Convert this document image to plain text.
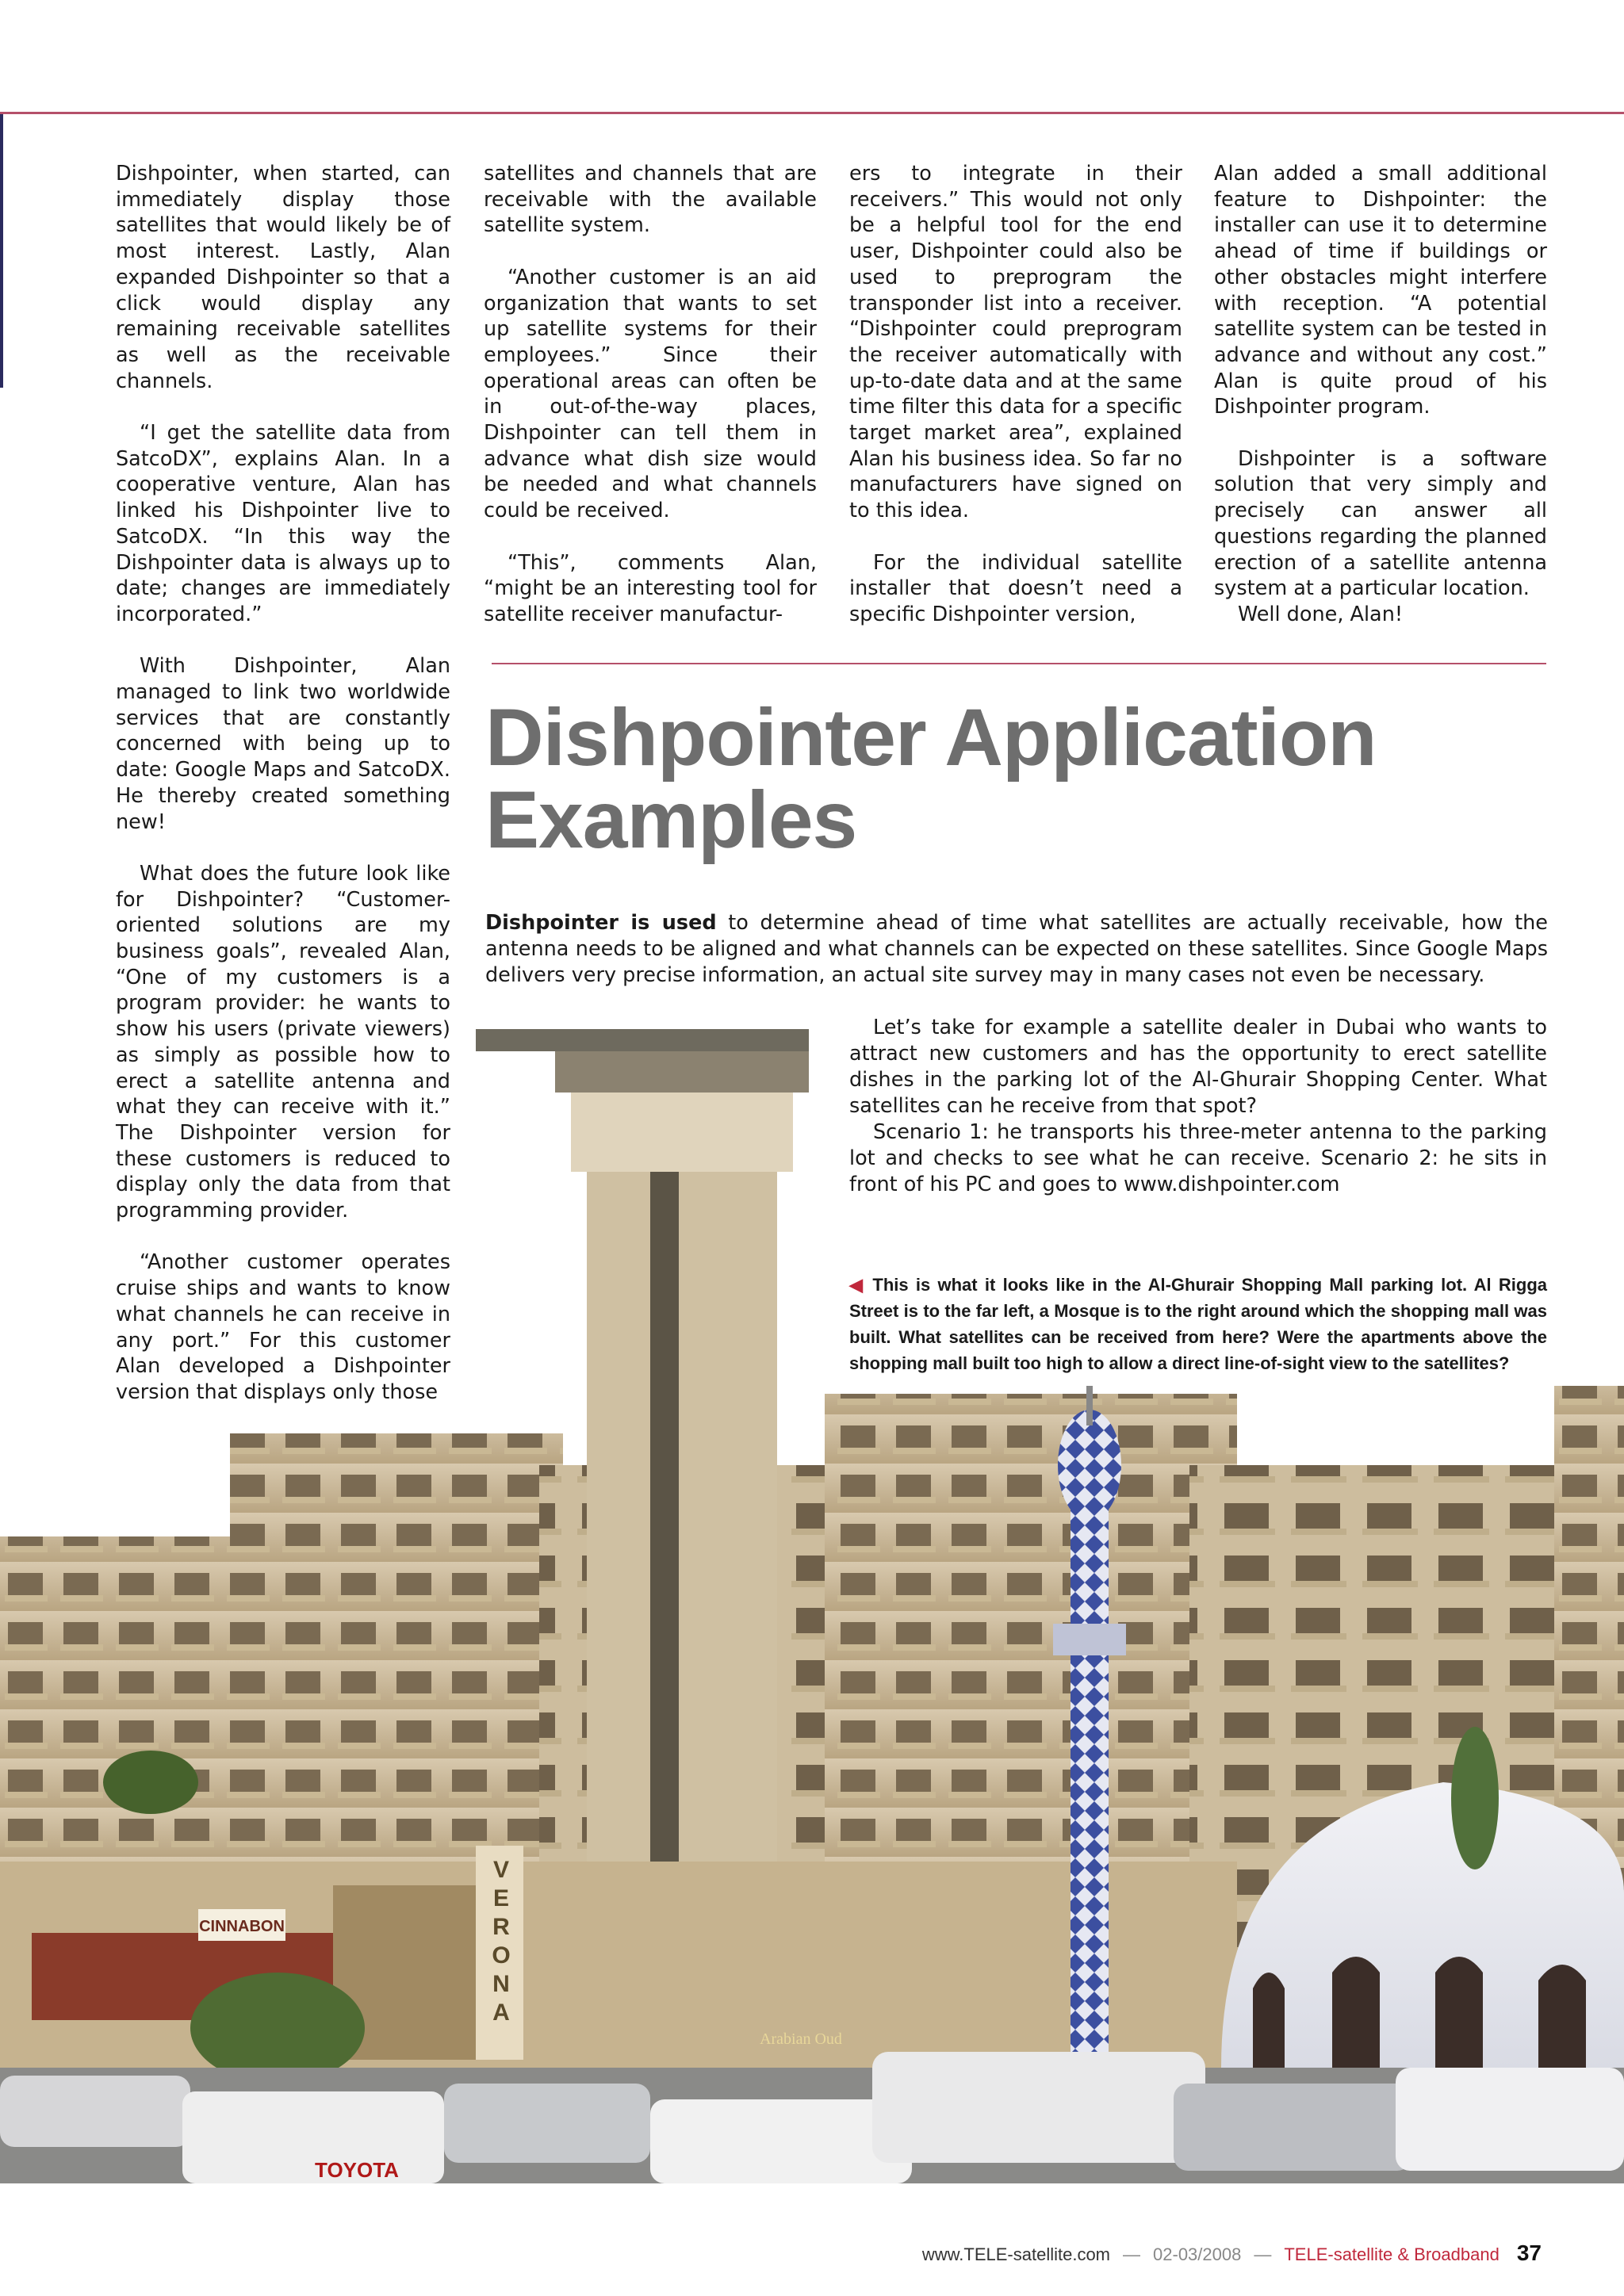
Dishpointer, when started, can immediately display those satellites that would likely be of most interest. Lastly, Alan expanded Dishpointer so that a click would display any remaining receivable satellites as well as the receivable channels.

“I get the satellite data from SatcoDX”, explains Alan. In a cooperative venture, Alan has linked his Dishpointer live to SatcoDX. “In this way the Dishpointer data is always up to date; changes are immediately incorporated.”

With Dishpointer, Alan managed to link two worldwide services that are constantly concerned with being up to date: Google Maps and SatcoDX. He thereby created something new!

What does the future look like for Dishpointer? “Customer-oriented solutions are my business goals”, revealed Alan, “One of my customers is a program provider: he wants to show his users (private viewers) as simply as possible how to erect a satellite antenna and what they can receive with it.” The Dishpointer version for these customers is reduced to display only the data from that programming provider.

“Another customer operates cruise ships and wants to know what channels he can receive in any port.” For this customer Alan developed a Dishpointer version that displays only those

satellites and channels that are receivable with the available satellite system.

“Another customer is an aid organization that wants to set up satellite systems for their employees.” Since their operational areas can often be in out-of-the-way places, Dishpointer can tell them in advance what dish size would be needed and what channels could be received.

“This”, comments Alan, “might be an interesting tool for satellite receiver manufactur-

ers to integrate in their receivers.” This would not only be a helpful tool for the end user, Dishpointer could also be used to preprogram the transponder list into a receiver. “Dishpointer could preprogram the receiver automatically with up-to-date data and at the same time filter this data for a specific target market area”, explained Alan his business idea. So far no manufacturers have signed on to this idea.

For the individual satellite installer that doesn’t need a specific Dishpointer version,

Alan added a small additional feature to Dishpointer: the installer can use it to determine ahead of time if buildings or other obstacles might interfere with reception. “A potential satellite system can be tested in advance and without any cost.” Alan is quite proud of his Dishpointer program.

Dishpointer is a software solution that very simply and precisely can answer all questions regarding the planned erection of a satellite antenna system at a particular location.

Well done, Alan!

Dishpointer Application
Examples
Dishpointer is used to determine ahead of time what satellites are actually receivable, how the antenna needs to be aligned and what channels can be expected on these satellites. Since Google Maps delivers very precise information, an actual site survey may in many cases not even be necessary.
V E R O N A
CINNABON
Arabian Oud
TOYOTA

Let’s take for example a satellite dealer in Dubai who wants to attract new customers and has the opportunity to erect satellite dishes in the parking lot of the Al-Ghurair Shopping Center. What satellites can he receive from that spot?

Scenario 1: he transports his three-meter antenna to the parking lot and checks to see what he can receive. Scenario 2: he sits in front of his PC and goes to www.dishpointer.com

◀ This is what it looks like in the Al-Ghurair Shopping Mall parking lot. Al Rigga Street is to the far left, a Mosque is to the right around which the shopping mall was built. What satellites can be received from here? Were the apartments above the shopping mall built too high to allow a direct line-of-sight view to the satellites?
www.TELE-satellite.com — 02-03/2008 — TELE-satellite & Broadband 37
